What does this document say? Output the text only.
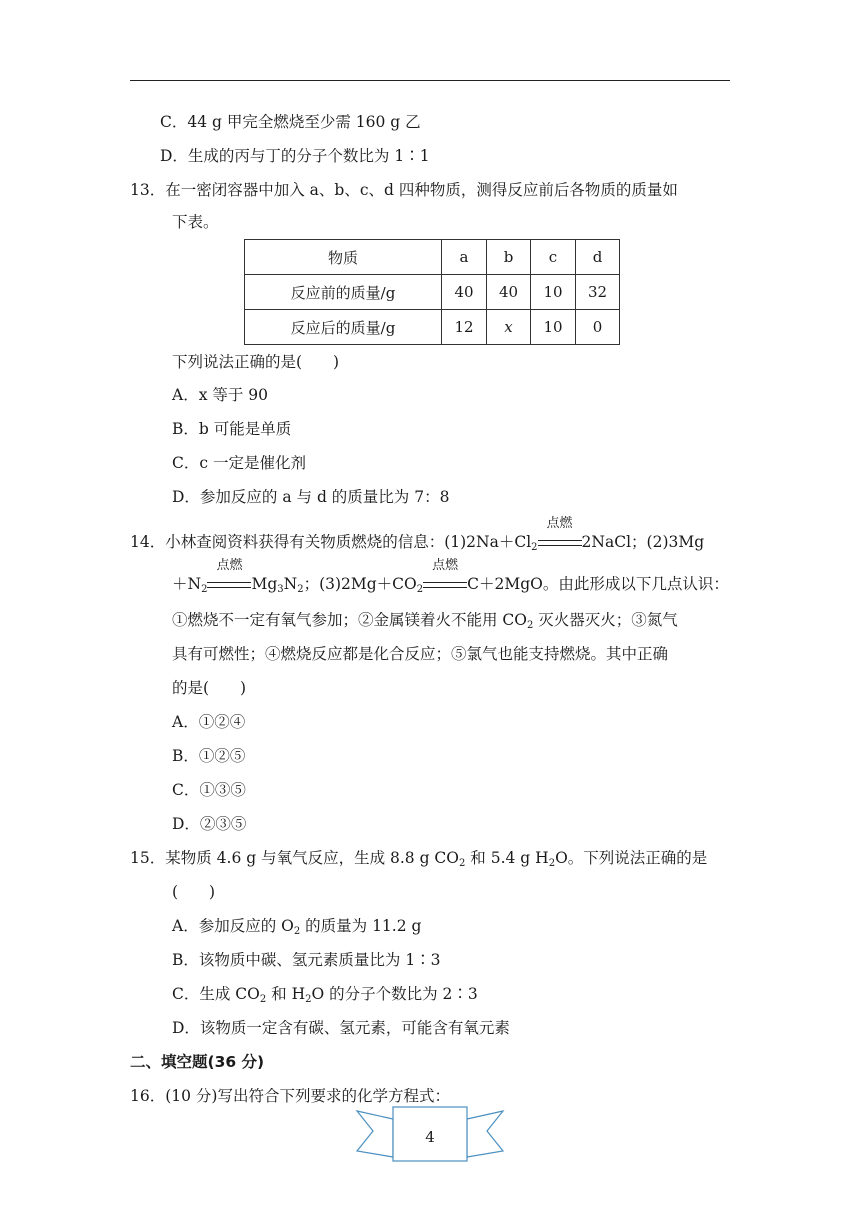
C．44 g 甲完全燃烧至少需 160 g 乙
D．生成的丙与丁的分子个数比为 1∶1
13．在一密闭容器中加入 a、b、c、d 四种物质，测得反应前后各物质的质量如
下表。
物质	a	b	c	d
反应前的质量/g	40	40	10	32
反应后的质量/g	12	x	10	0
下列说法正确的是(　　)
A．x 等于 90
B．b 可能是单质
C．c 一定是催化剂
D．参加反应的 a 与 d 的质量比为 7：8
14．小林查阅资料获得有关物质燃烧的信息：$(1)2Na+Cl_2$
点燃
2NaCl；(2)3Mg
$+N_2$
点燃
$Mg_3N_2$；$(3)2Mg+CO_2$
点燃
C＋2MgO。由此形成以下几点认识：
①燃烧不一定有氧气参加；②金属镁着火不能用 $CO_2$ 灭火器灭火；③氮气
具有可燃性；④燃烧反应都是化合反应；⑤氯气也能支持燃烧。其中正确
的是(　　)
A．①②④
B．①②⑤
C．①③⑤
D．②③⑤
15．某物质 4.6 g 与氧气反应，生成 8.8 g $CO_2$ 和 5.4 g $H_2O$。下列说法正确的是
(　　)
A．参加反应的 $O_2$ 的质量为 11.2 g
B．该物质中碳、氢元素质量比为 1∶3
C．生成 $CO_2$ 和 $H_2O$ 的分子个数比为 2∶3
D．该物质一定含有碳、氢元素，可能含有氧元素
二、填空题(36 分)
16．(10 分)写出符合下列要求的化学方程式：
4
